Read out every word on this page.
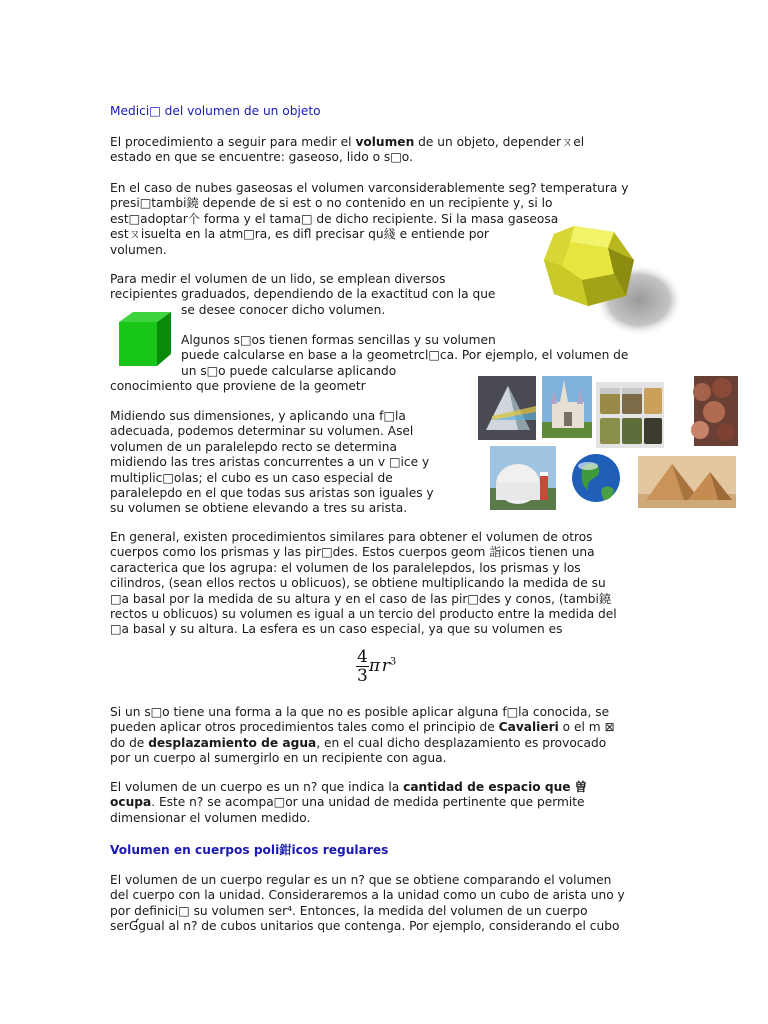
Medici□ del volumen de un objeto

El procedimiento a seguir para medir el volumen de un objeto, dependerㄡel
estado en que se encuentre: gaseoso, lido o s□o.

En el caso de nubes gaseosas el volumen varconsiderablemente seg? temperatura y
presi□tambi鐃 depende de si est o no contenido en un recipiente y, si lo
est□adoptar个 forma y el tama□ de dicho recipiente. Si la masa gaseosa
estㄡisuelta en la atm□ra, es difl precisar qu綫 e entiende por
volumen.

Para medir el volumen de un lido, se emplean diversos
recipientes graduados, dependiendo de la exactitud con la que

se desee conocer dicho volumen.

Algunos s□os tienen formas sencillas y su volumen
puede calcularse en base a la geometrcl□ca. Por ejemplo, el volumen de
un s□o puede calcularse aplicando
conocimiento que proviene de la geometr

Midiendo sus dimensiones, y aplicando una f□la
adecuada, podemos determinar su volumen. Asel
volumen de un paralelepdo recto se determina
midiendo las tres aristas concurrentes a un v □ice y
multiplic□olas; el cubo es un caso especial de
paralelepdo en el que todas sus aristas son iguales y
su volumen se obtiene elevando a tres su arista.

En general, existen procedimientos similares para obtener el volumen de otros
cuerpos como los prismas y las pir□des. Estos cuerpos geom 詣icos tienen una
caracterica que los agrupa: el volumen de los paralelepdos, los prismas y los
cilindros, (sean ellos rectos u oblicuos), se obtiene multiplicando la medida de su
□a basal por la medida de su altura y en el caso de las pir□des y conos, (tambi鐃
rectos u oblicuos) su volumen es igual a un tercio del producto entre la medida del
□a basal y su altura. La esfera es un caso especial, ya que su volumen es

$\frac{4}{3}$ π  $r^3$

Si un s□o tiene una forma a la que no es posible aplicar alguna f□la conocida, se
pueden aplicar otros procedimientos tales como el principio de Cavalieri o el m ⊠
do de desplazamiento de agua, en el cual dicho desplazamiento es provocado
por un cuerpo al sumergirlo en un recipiente con agua.

El volumen de un cuerpo es un n? que indica la cantidad de espacio que 曽
ocupa. Este n? se acompa□or una unidad de medida pertinente que permite
dimensionar el volumen medido.

Volumen en cuerpos poli鉗icos regulares

El volumen de un cuerpo regular es un n? que se obtiene comparando el volumen
del cuerpo con la unidad. Consideraremos a la unidad como un cubo de arista uno y
por definici□ su volumen ser⁴. Entonces, la medida del volumen de un cuerpo
serƓgual al n? de cubos unitarios que contenga. Por ejemplo, considerando el cubo
